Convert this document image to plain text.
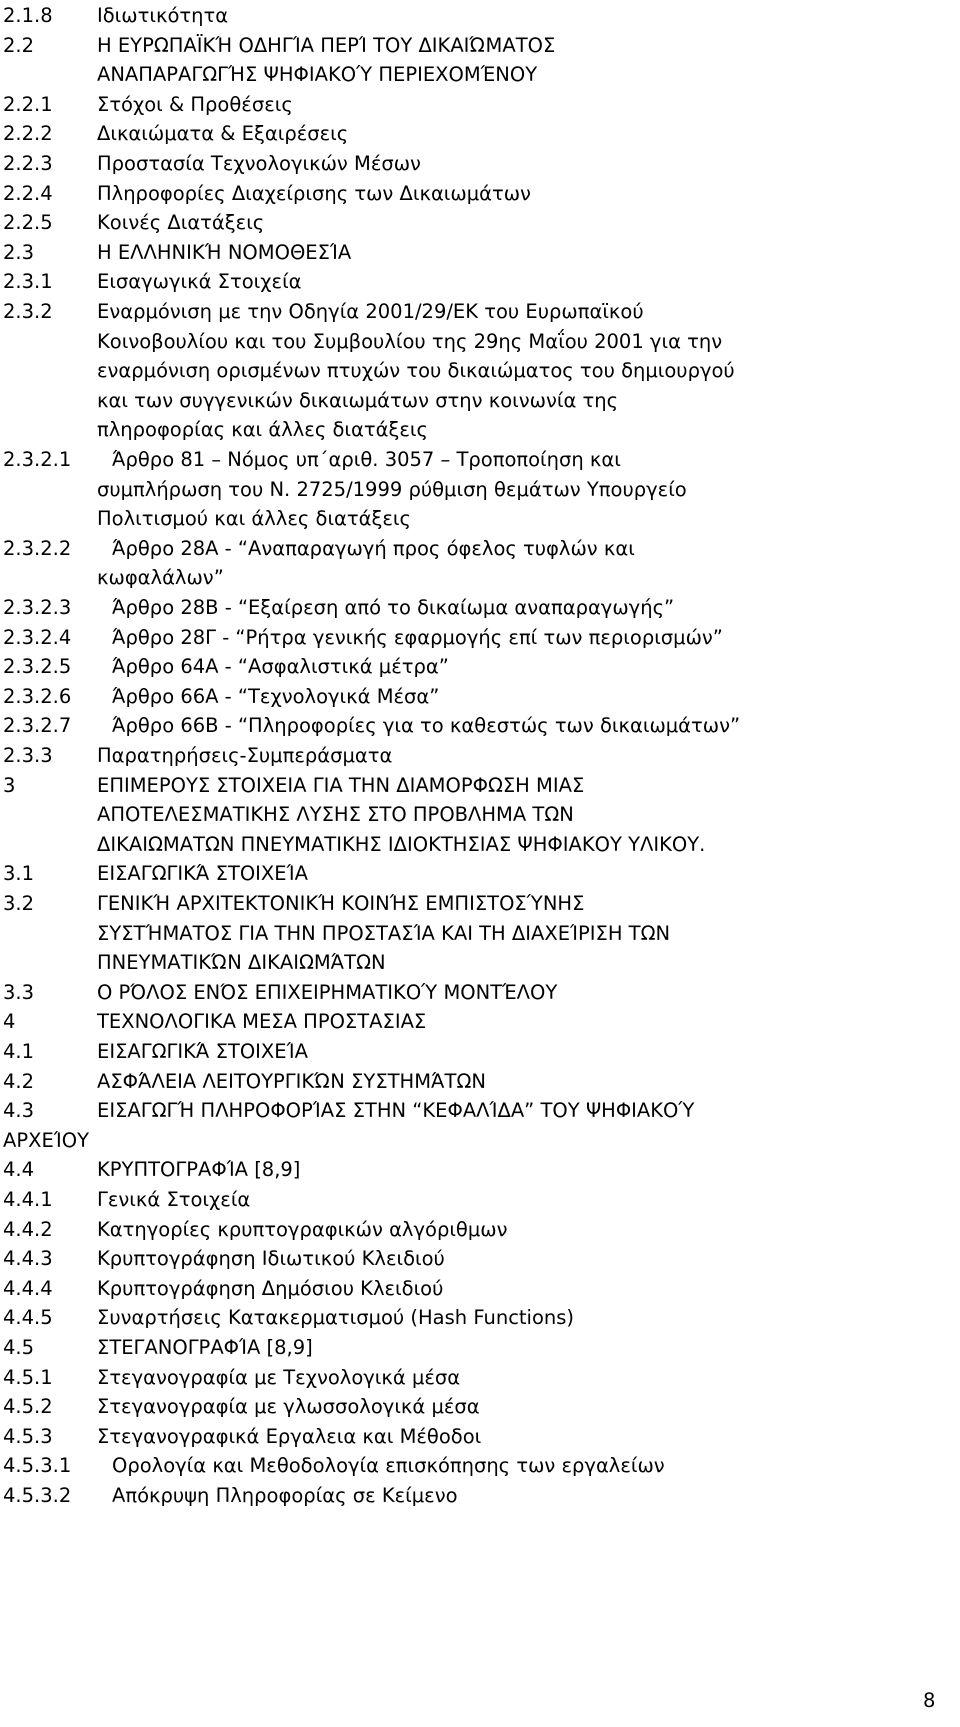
2.1.8 Ιδιωτικότητα
2.2	Η ΕΥΡΩΠΑΪΚΉ ΟΔΗΓΊΑ ΠΕΡΊ ΤΟΥ ΔΙΚΑΙΏΜΑΤΟΣ
ΑΝΑΠΑΡΑΓΩΓΉΣ ΨΗΦΙΑΚΟΎ ΠΕΡΙΕΧΟΜΈΝΟΥ
2.2.1 Στόχοι & Προθέσεις
2.2.2 Δικαιώματα & Εξαιρέσεις
2.2.3 Προστασία Τεχνολογικών Μέσων
2.2.4 Πληροφορίες Διαχείρισης των Δικαιωμάτων
2.2.5 Κοινές Διατάξεις
2.3	Η ΕΛΛΗΝΙΚΉ ΝΟΜΟΘΕΣΊΑ
2.3.1 Εισαγωγικά Στοιχεία
2.3.2 Εναρμόνιση με την Οδηγία 2001/29/ΕΚ του Ευρωπαϊκού
Κοινοβουλίου και του Συμβουλίου της 29ης Μαΐου 2001 για την
εναρμόνιση ορισμένων πτυχών του δικαιώματος του δημιουργού
και των συγγενικών δικαιωμάτων στην κοινωνία της
πληροφορίας και άλλες διατάξεις
2.3.2.1 Άρθρο 81 – Νόμος υπ΄αριθ. 3057 – Τροποποίηση και
συμπλήρωση του Ν. 2725/1999 ρύθμιση θεμάτων Υπουργείο
Πολιτισμού και άλλες διατάξεις
2.3.2.2 Άρθρο 28Α - “Αναπαραγωγή προς όφελος τυφλών και
κωφαλάλων”
2.3.2.3 Άρθρο 28Β - “Εξαίρεση από το δικαίωμα αναπαραγωγής”
2.3.2.4 Άρθρο 28Γ - “Ρήτρα γενικής εφαρμογής επί των περιορισμών”
2.3.2.5 Άρθρο 64Α - “Ασφαλιστικά μέτρα”
2.3.2.6 Άρθρο 66Α - “Τεχνολογικά Μέσα”
2.3.2.7 Άρθρο 66Β - “Πληροφορίες για το καθεστώς των δικαιωμάτων”
2.3.3 Παρατηρήσεις-Συμπεράσματα
3	ΕΠΙΜΕΡΟΥΣ ΣΤΟΙΧΕΙΑ ΓΙΑ ΤΗΝ ΔΙΑΜΟΡΦΩΣΗ ΜΙΑΣ
ΑΠΟΤΕΛΕΣΜΑΤΙΚΗΣ ΛΥΣΗΣ ΣΤΟ ΠΡΟΒΛΗΜΑ ΤΩΝ
ΔΙΚΑΙΩΜΑΤΩΝ ΠΝΕΥΜΑΤΙΚΗΣ ΙΔΙΟΚΤΗΣΙΑΣ ΨΗΦΙΑΚΟΥ ΥΛΙΚΟΥ.
3.1	ΕΙΣΑΓΩΓΙΚΆ ΣΤΟΙΧΕΊΑ
3.2	ΓΕΝΙΚΉ ΑΡΧΙΤΕΚΤΟΝΙΚΉ ΚΟΙΝΉΣ ΕΜΠΙΣΤΟΣΎΝΗΣ
ΣΥΣΤΉΜΑΤΟΣ ΓΙΑ ΤΗΝ ΠΡΟΣΤΑΣΊΑ ΚΑΙ ΤΗ ΔΙΑΧΕΊΡΙΣΗ ΤΩΝ
ΠΝΕΥΜΑΤΙΚΏΝ ΔΙΚΑΙΩΜΆΤΩΝ
3.3	Ο ΡΌΛΟΣ ΕΝΌΣ ΕΠΙΧΕΙΡΗΜΑΤΙΚΟΎ ΜΟΝΤΈΛΟΥ
4	ΤΕΧΝΟΛΟΓΙΚΑ ΜΕΣΑ ΠΡΟΣΤΑΣΙΑΣ
4.1	ΕΙΣΑΓΩΓΙΚΆ ΣΤΟΙΧΕΊΑ
4.2	ΑΣΦΆΛΕΙΑ ΛΕΙΤΟΥΡΓΙΚΏΝ ΣΥΣΤΗΜΆΤΩΝ
4.3	ΕΙΣΑΓΩΓΉ ΠΛΗΡΟΦΟΡΊΑΣ ΣΤΗΝ “ΚΕΦΑΛΊΔΑ” ΤΟΥ ΨΗΦΙΑΚΟΎ
ΑΡΧΕΊΟΥ
4.4	ΚΡΥΠΤΟΓΡΑΦΊΑ [8,9]
4.4.1 Γενικά Στοιχεία
4.4.2 Κατηγορίες κρυπτογραφικών αλγόριθμων
4.4.3 Κρυπτογράφηση Ιδιωτικού Κλειδιού
4.4.4 Κρυπτογράφηση Δημόσιου Κλειδιού
4.4.5 Συναρτήσεις Κατακερματισμού (Hash Functions)
4.5	ΣΤΕΓΑΝΟΓΡΑΦΊΑ [8,9]
4.5.1 Στεγανογραφία με Τεχνολογικά μέσα
4.5.2 Στεγανογραφία με γλωσσολογικά μέσα
4.5.3 Στεγανογραφικά Εργαλεια και Μέθοδοι
4.5.3.1 Ορολογία και Μεθοδολογία επισκόπησης των εργαλείων
4.5.3.2 Απόκρυψη Πληροφορίας σε Κείμενο
8
